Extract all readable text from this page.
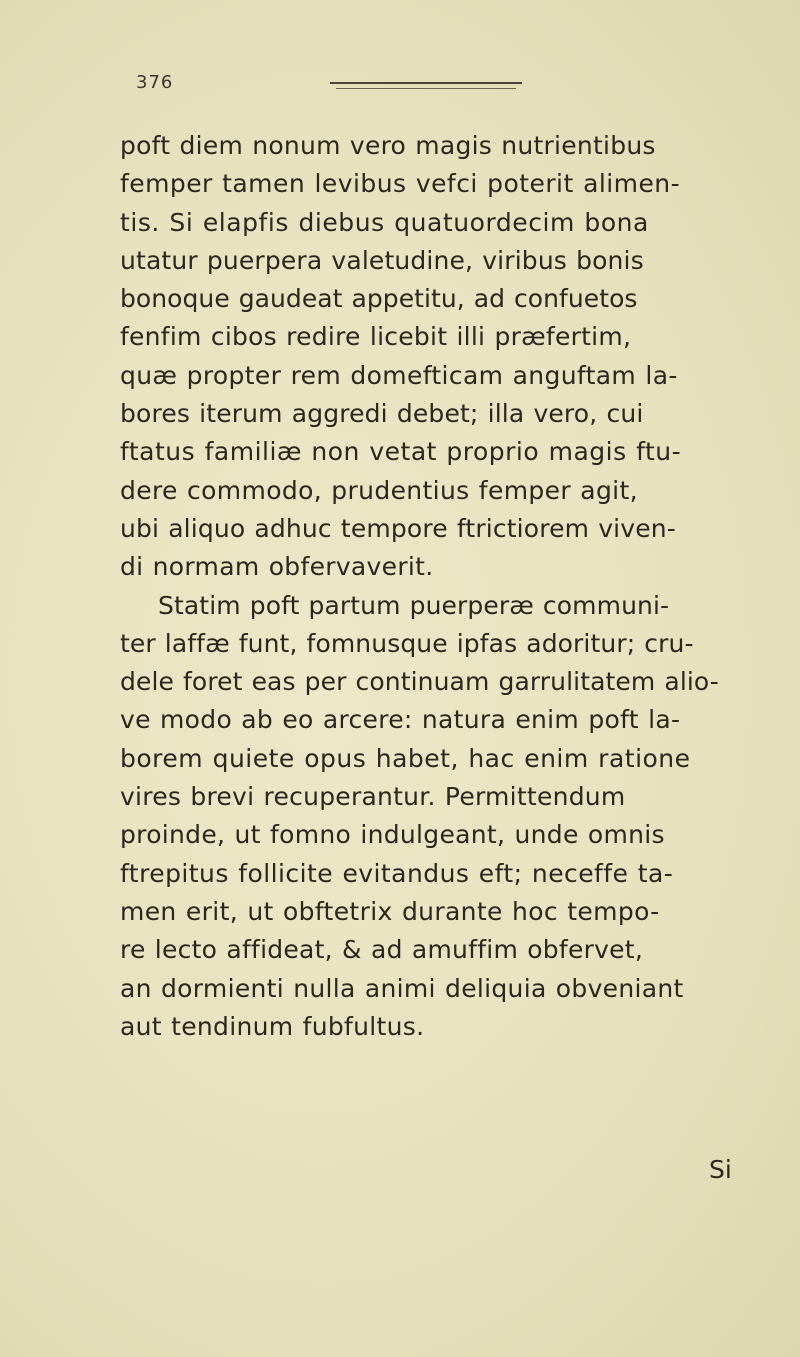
376
poft diem nonum vero magis nutrientibus
femper tamen levibus vefci poterit alimen-
tis. Si elapfis diebus quatuordecim bona
utatur puerpera valetudine, viribus bonis
bonoque gaudeat appetitu, ad confuetos
fenfim cibos redire licebit illi præfertim,
quæ propter rem domefticam anguftam la-
bores iterum aggredi debet; illa vero, cui
ftatus familiæ non vetat proprio magis ftu-
dere commodo, prudentius femper agit,
ubi aliquo adhuc tempore ftrictiorem viven-
di normam obfervaverit.
Statim poft partum puerperæ communi-
ter laffæ funt, fomnusque ipfas adoritur; cru-
dele foret eas per continuam garrulitatem alio-
ve modo ab eo arcere: natura enim poft la-
borem quiete opus habet, hac enim ratione
vires brevi recuperantur. Permittendum
proinde, ut fomno indulgeant, unde omnis
ftrepitus follicite evitandus eft; neceffe ta-
men erit, ut obftetrix durante hoc tempo-
re lecto affideat, & ad amuffim obfervet,
an dormienti nulla animi deliquia obveniant
aut tendinum fubfultus.
Si
